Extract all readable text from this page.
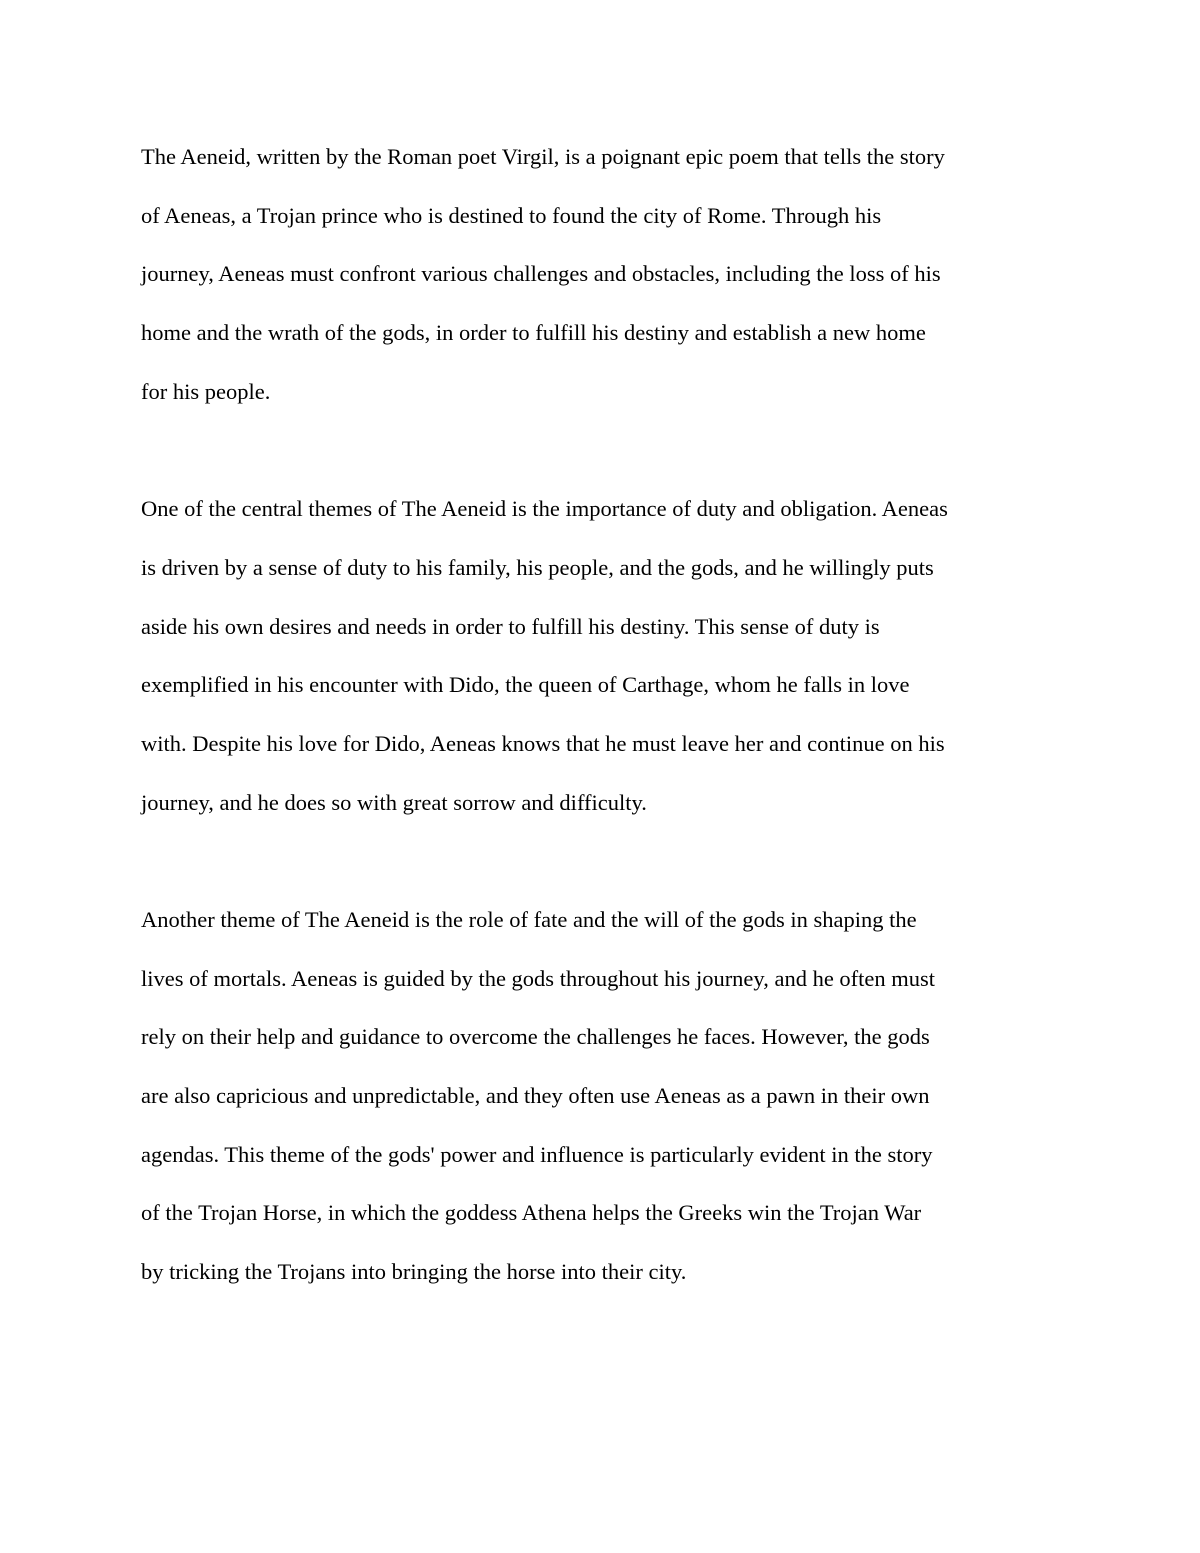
The Aeneid, written by the Roman poet Virgil, is a poignant epic poem that tells the story
of Aeneas, a Trojan prince who is destined to found the city of Rome. Through his
journey, Aeneas must confront various challenges and obstacles, including the loss of his
home and the wrath of the gods, in order to fulfill his destiny and establish a new home
for his people.
One of the central themes of The Aeneid is the importance of duty and obligation. Aeneas
is driven by a sense of duty to his family, his people, and the gods, and he willingly puts
aside his own desires and needs in order to fulfill his destiny. This sense of duty is
exemplified in his encounter with Dido, the queen of Carthage, whom he falls in love
with. Despite his love for Dido, Aeneas knows that he must leave her and continue on his
journey, and he does so with great sorrow and difficulty.
Another theme of The Aeneid is the role of fate and the will of the gods in shaping the
lives of mortals. Aeneas is guided by the gods throughout his journey, and he often must
rely on their help and guidance to overcome the challenges he faces. However, the gods
are also capricious and unpredictable, and they often use Aeneas as a pawn in their own
agendas. This theme of the gods' power and influence is particularly evident in the story
of the Trojan Horse, in which the goddess Athena helps the Greeks win the Trojan War
by tricking the Trojans into bringing the horse into their city.
